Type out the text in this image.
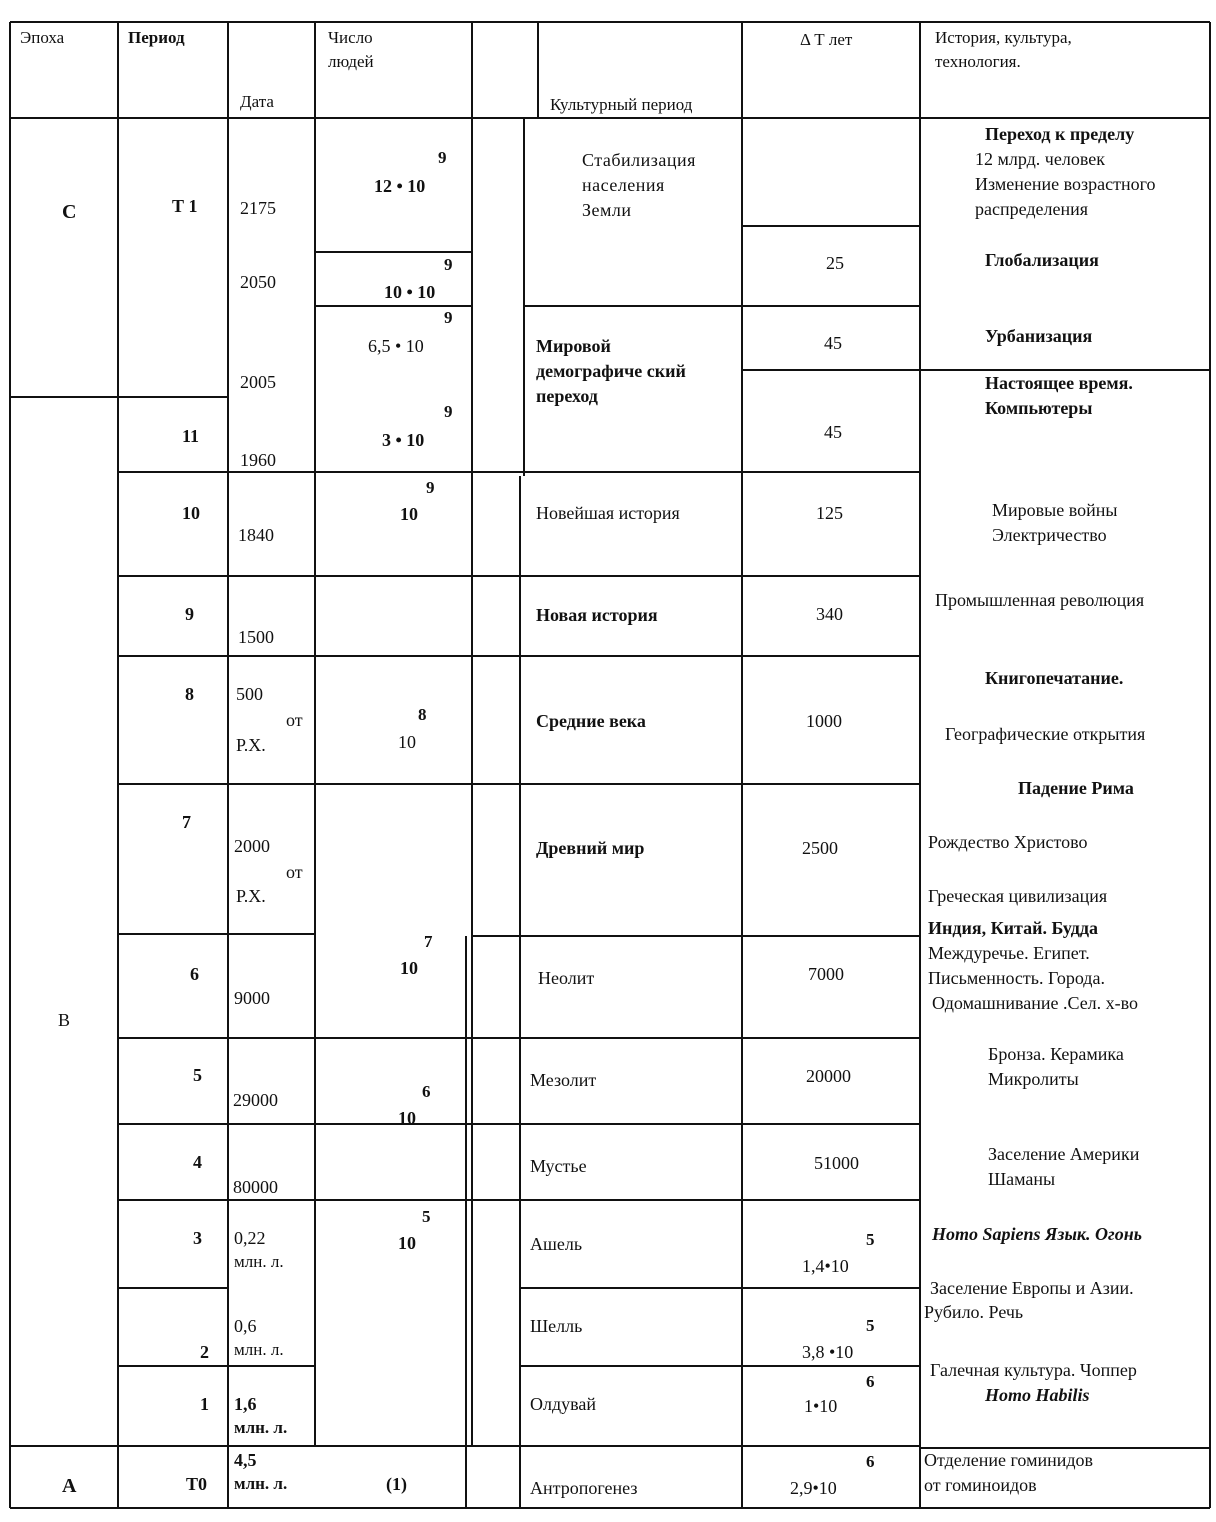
Эпоха	Период
Дата
Число
людей
Культурный период
Δ Т лет	История, культура,
технология.
C
B
A
Т 1
11
10
9
8
7
6
5
4
3
2
1
Т0
2175
2050
2005
1960
1840
1500
500
от
Р.Х.
2000
от
Р.Х.
9000
29000
80000
0,22
млн. л.
0,6
млн. л.
1,6
млн. л.
4,5
млн. л.
9
12 • 10
9
10 • 10
9
6,5 • 10
9
3 • 10
9
10
8
10
7
10
6
10
5
10
(1)
Стабилизация
населения
Земли
Мировой
демографиче ский
переход
Новейшая история
Новая история
Средние века
Древний мир
Неолит
Мезолит
Мустье
Ашель
Шелль
Олдувай
Антропогенез
25
45
45
125
340
1000
2500
7000
20000
51000
5
1,4•10
5
3,8 •10
6
1•10
6
2,9•10
Переход к пределу
12 млрд. человек
Изменение возрастного
распределения
Глобализация
Урбанизация
Настоящее время.
Компьютеры
Мировые войны
Электричество
Промышленная революция
Книгопечатание.
Географические открытия
Падение Рима
Рождество Христово
Греческая цивилизация
Индия, Китай. Будда
Междуречье. Египет.
Письменность. Города.
Одомашнивание .Сел. х-во
Бронза. Керамика
Микролиты
Заселение Америки
Шаманы
Homo Sapiens Язык. Огонь
Заселение Европы и Азии.
Рубило. Речь
Галечная культура. Чоппер
Homo Habilis
Отделение гоминидов
от гоминоидов
